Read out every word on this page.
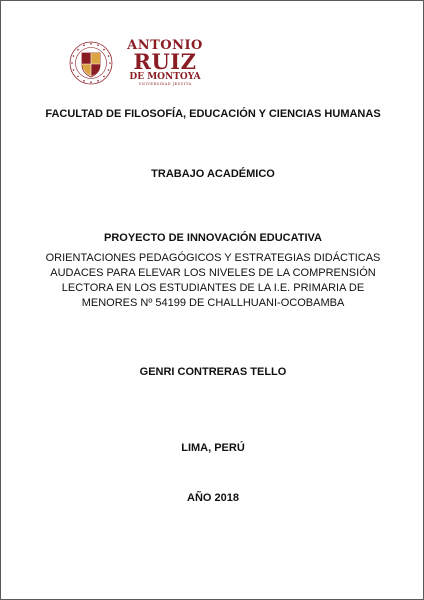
ANTONIO
RUIZ
DE MONTOYA
UNIVERSIDAD JESUITA
FACULTAD DE FILOSOFÍA, EDUCACIÓN Y CIENCIAS HUMANAS
TRABAJO ACADÉMICO
PROYECTO DE INNOVACIÓN EDUCATIVA
ORIENTACIONES PEDAGÓGICOS Y ESTRATEGIAS DIDÁCTICAS
AUDACES PARA ELEVAR LOS NIVELES DE LA COMPRENSIÓN
LECTORA EN LOS ESTUDIANTES DE LA I.E. PRIMARIA DE
MENORES Nº 54199 DE CHALLHUANI-OCOBAMBA
GENRI CONTRERAS TELLO
LIMA, PERÚ
AÑO 2018
